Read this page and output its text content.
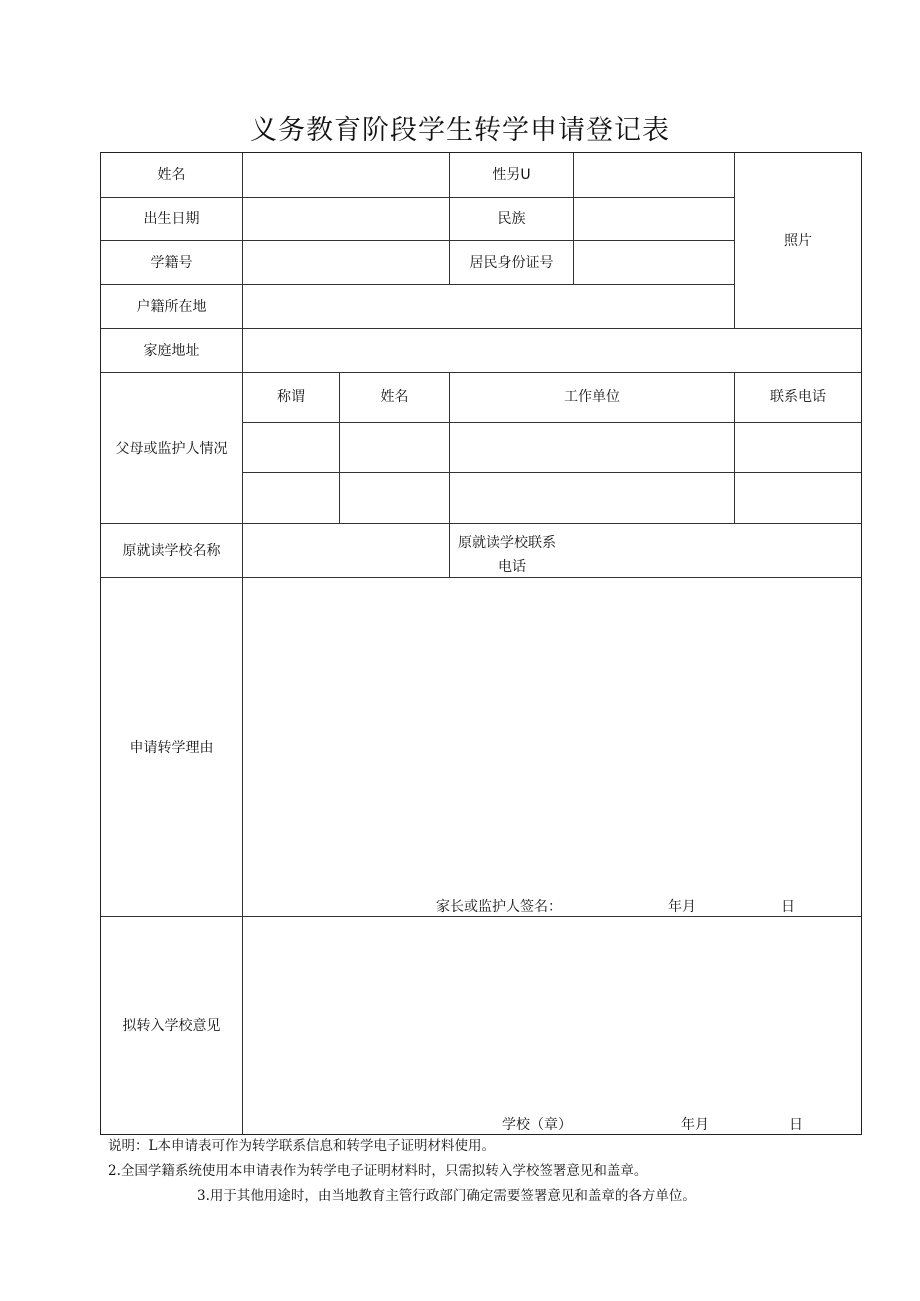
义务教育阶段学生转学申请登记表
姓名	性另U
照片
出生日期	民族
学籍号	居民身份证号
户籍所在地
家庭地址
父母或监护人情况
称谓	姓名	工作单位	联系电话
原就读学校名称	原就读学校联系
电话
申请转学理由
家长或监护人签名：	年月	日
拟转入学校意见
学校（章）	年月	日
说明：L本申请表可作为转学联系信息和转学电子证明材料使用。
2.全国学籍系统使用本申请表作为转学电子证明材料时，只需拟转入学校签署意见和盖章。
3.用于其他用途时，由当地教育主管行政部门确定需要签署意见和盖章的各方单位。
